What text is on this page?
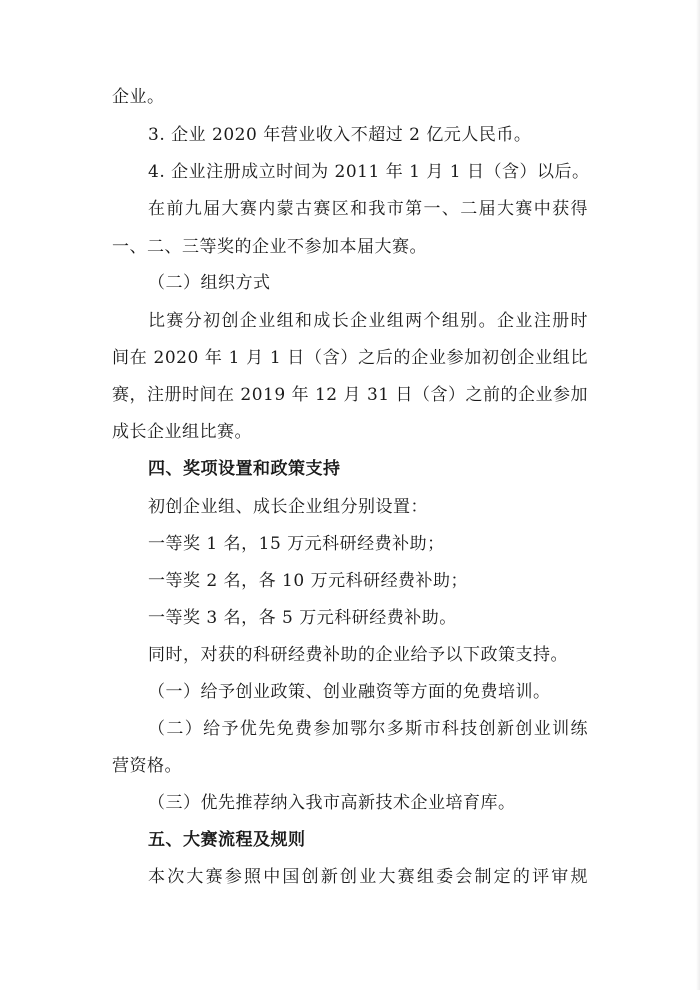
企业。
3. 企业 2020 年营业收入不超过 2 亿元人民币。
4. 企业注册成立时间为 2011 年 1 月 1 日（含）以后。
在前九届大赛内蒙古赛区和我市第一、二届大赛中获得
一、二、三等奖的企业不参加本届大赛。
（二）组织方式
比赛分初创企业组和成长企业组两个组别。企业注册时
间在 2020 年 1 月 1 日（含）之后的企业参加初创企业组比
赛，注册时间在 2019 年 12 月 31 日（含）之前的企业参加
成长企业组比赛。
四、奖项设置和政策支持
初创企业组、成长企业组分别设置：
一等奖 1 名，15 万元科研经费补助；
一等奖 2 名，各 10 万元科研经费补助；
一等奖 3 名，各 5 万元科研经费补助。
同时，对获的科研经费补助的企业给予以下政策支持。
（一）给予创业政策、创业融资等方面的免费培训。
（二）给予优先免费参加鄂尔多斯市科技创新创业训练
营资格。
（三）优先推荐纳入我市高新技术企业培育库。
五、大赛流程及规则
本次大赛参照中国创新创业大赛组委会制定的评审规
